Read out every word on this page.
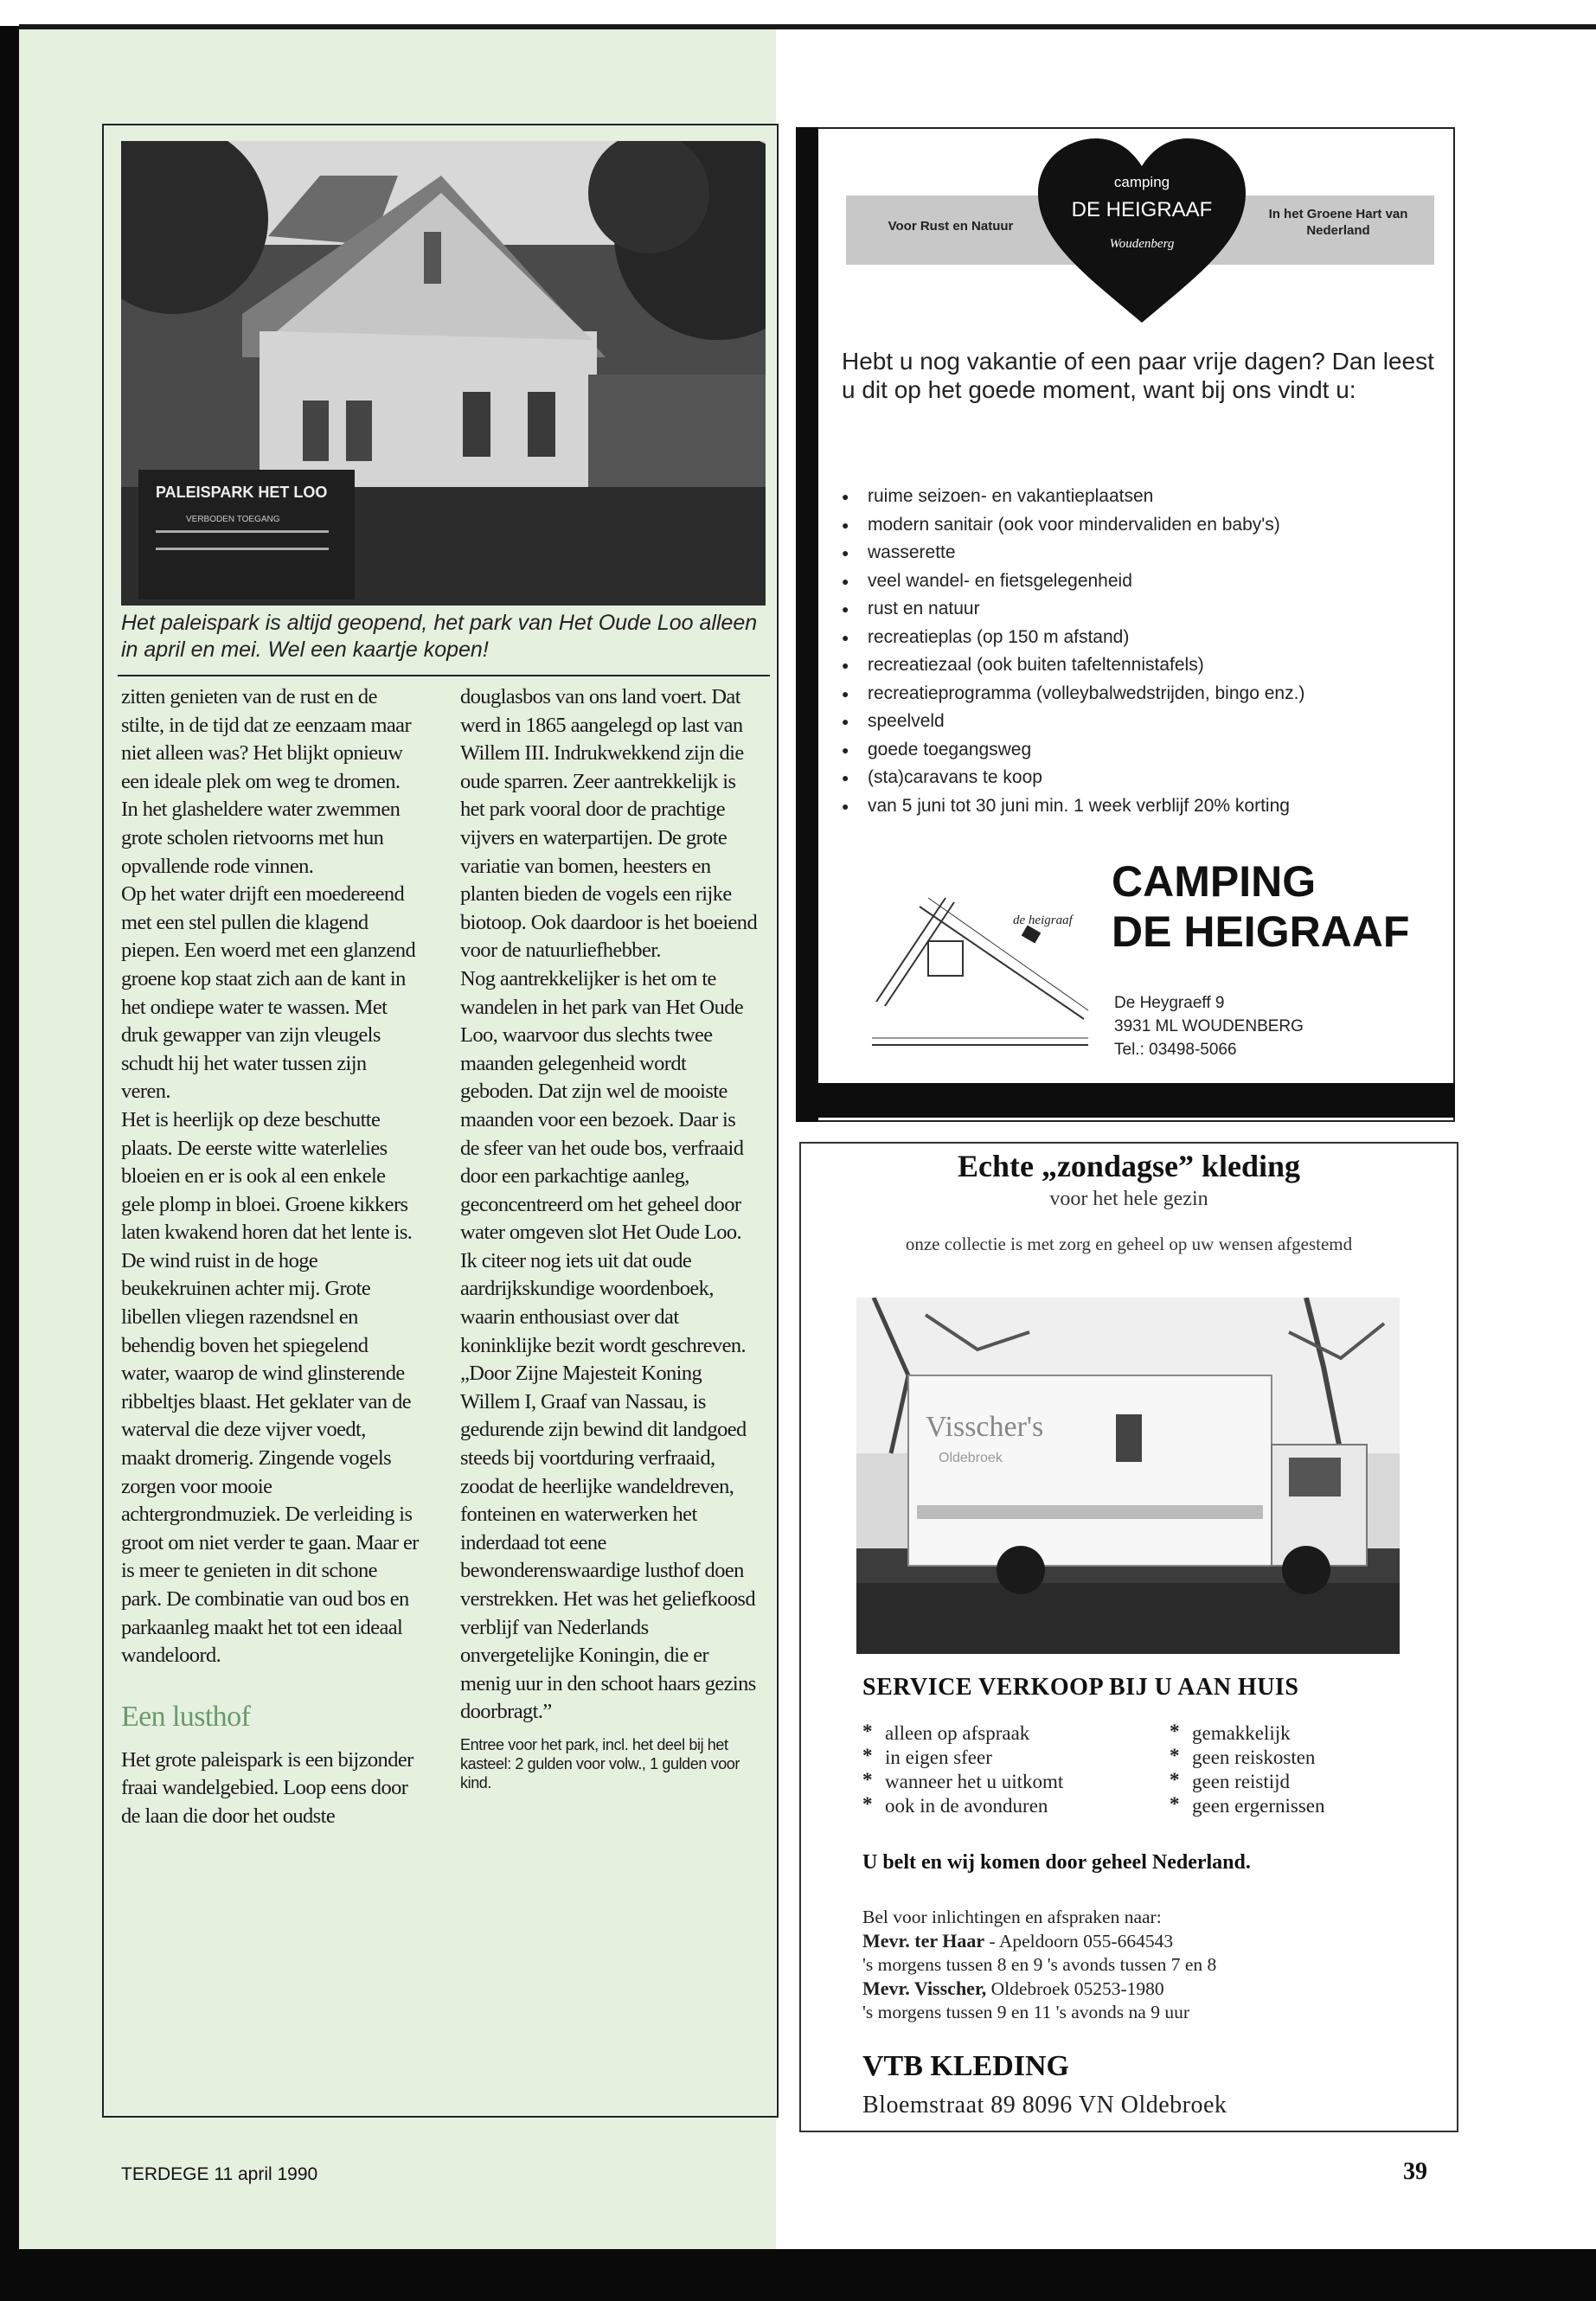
PALEISPARK HET LOO
VERBODEN TOEGANG
Het paleispark is altijd geopend, het park van Het Oude Loo alleen in april en mei. Wel een kaartje kopen!

zitten genieten van de rust en de stilte, in de tijd dat ze eenzaam maar niet alleen was? Het blijkt opnieuw een ideale plek om weg te dromen. In het glasheldere water zwemmen grote scholen rietvoorns met hun opvallende rode vinnen.

Op het water drijft een moedereend met een stel pullen die klagend piepen. Een woerd met een glanzend groene kop staat zich aan de kant in het ondiepe water te wassen. Met druk gewapper van zijn vleugels schudt hij het water tussen zijn veren.

Het is heerlijk op deze beschutte plaats. De eerste witte waterlelies bloeien en er is ook al een enkele gele plomp in bloei. Groene kikkers laten kwakend horen dat het lente is. De wind ruist in de hoge beukekruinen achter mij. Grote libellen vliegen razendsnel en behendig boven het spiegelend water, waarop de wind glinsterende ribbeltjes blaast. Het geklater van de waterval die deze vijver voedt, maakt dromerig. Zingende vogels zorgen voor mooie achtergrondmuziek. De verleiding is groot om niet verder te gaan. Maar er is meer te genieten in dit schone park. De combinatie van oud bos en parkaanleg maakt het tot een ideaal wandeloord.

Een lusthof

Het grote paleispark is een bijzonder fraai wandelgebied. Loop eens door de laan die door het oudste

douglasbos van ons land voert. Dat werd in 1865 aangelegd op last van Willem III. Indrukwekkend zijn die oude sparren. Zeer aantrekkelijk is het park vooral door de prachtige vijvers en waterpartijen. De grote variatie van bomen, heesters en planten bieden de vogels een rijke biotoop. Ook daardoor is het boeiend voor de natuurliefhebber.

Nog aantrekkelijker is het om te wandelen in het park van Het Oude Loo, waarvoor dus slechts twee maanden gelegenheid wordt geboden. Dat zijn wel de mooiste maanden voor een bezoek. Daar is de sfeer van het oude bos, verfraaid door een parkachtige aanleg, geconcentreerd om het geheel door water omgeven slot Het Oude Loo. Ik citeer nog iets uit dat oude aardrijkskundige woordenboek, waarin enthousiast over dat koninklijke bezit wordt geschreven.

„Door Zijne Majesteit Koning Willem I, Graaf van Nassau, is gedurende zijn bewind dit landgoed steeds bij voortduring verfraaid, zoodat de heerlijke wandeldreven, fonteinen en waterwerken het inderdaad tot eene bewonderenswaardige lusthof doen verstrekken. Het was het geliefkoosd verblijf van Nederlands onvergetelijke Koningin, die er menig uur in den schoot haars gezins doorbragt.”

Entree voor het park, incl. het deel bij het kasteel: 2 gulden voor volw., 1 gulden voor kind.
Voor Rust en Natuur
In het Groene Hart van Nederland
camping
DE HEIGRAAF
Woudenberg
Hebt u nog vakantie of een paar vrije dagen? Dan leest u dit op het goede moment, want bij ons vindt u:
● ruime seizoen- en vakantieplaatsen
● modern sanitair (ook voor mindervaliden en baby's)
● wasserette
● veel wandel- en fietsgelegenheid
● rust en natuur
● recreatieplas (op 150 m afstand)
● recreatiezaal (ook buiten tafeltennistafels)
● recreatieprogramma (volleybalwedstrijden, bingo enz.)
● speelveld
● goede toegangsweg
● (sta)caravans te koop
● van 5 juni tot 30 juni min. 1 week verblijf 20% korting
de heigraaf
CAMPING
DE HEIGRAAF
De Heygraeff 9
3931 ML WOUDENBERG
Tel.: 03498-5066
Echte „zondagse” kleding
voor het hele gezin
onze collectie is met zorg en geheel op uw wensen afgestemd
Visscher's
Oldebroek
SERVICE VERKOOP BIJ U AAN HUIS
* alleen op afspraak
* in eigen sfeer
* wanneer het u uitkomt
* ook in de avonduren
* gemakkelijk
* geen reiskosten
* geen reistijd
* geen ergernissen
U belt en wij komen door geheel Nederland.
Bel voor inlichtingen en afspraken naar:
Mevr. ter Haar - Apeldoorn 055-664543
's morgens tussen 8 en 9 's avonds tussen 7 en 8
Mevr. Visscher, Oldebroek 05253-1980
's morgens tussen 9 en 11 's avonds na 9 uur
VTB KLEDING
Bloemstraat 89 8096 VN Oldebroek
TERDEGE 11 april 1990	39
